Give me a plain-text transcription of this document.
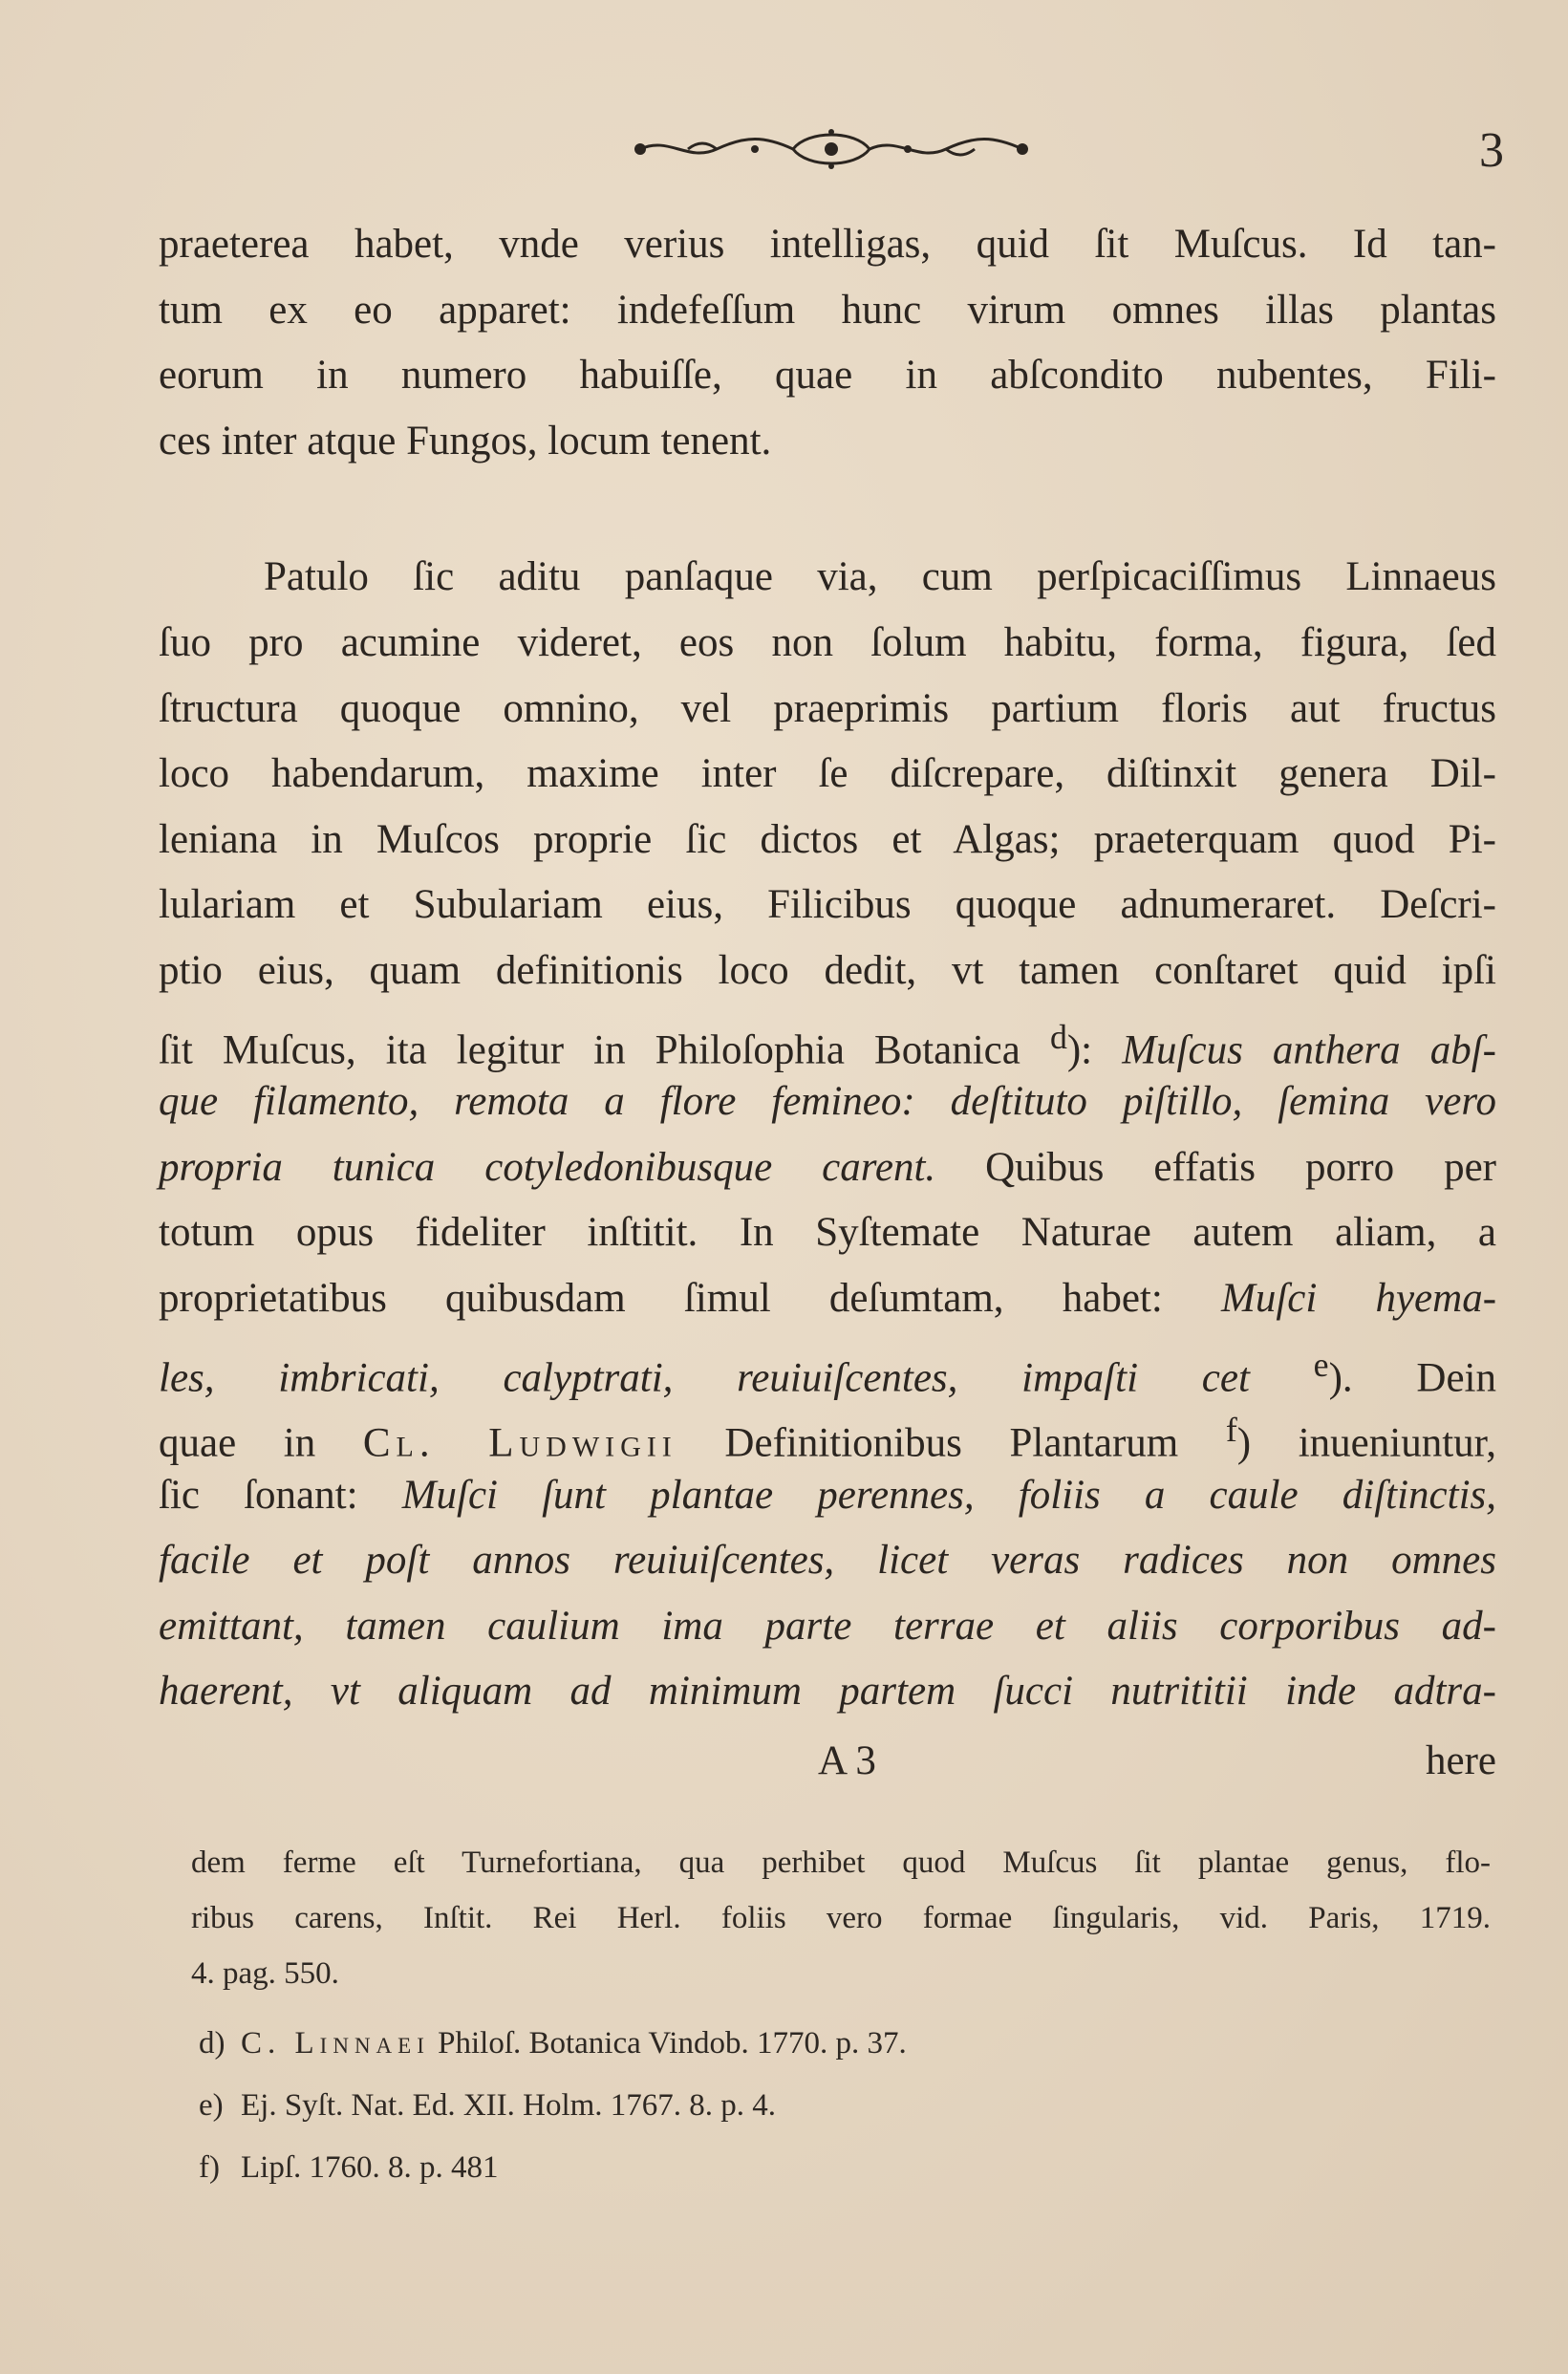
3
praeterea habet, vnde verius intelligas, quid ſit Muſcus. Id tan-
tum ex eo apparet: indefeſſum hunc virum omnes illas plantas
eorum in numero habuiſſe, quae in abſcondito nubentes, Fili-
ces inter atque Fungos, locum tenent.
Patulo ſic aditu panſaque via, cum perſpicaciſſimus Linnaeus
ſuo pro acumine videret, eos non ſolum habitu, forma, figura, ſed
ſtructura quoque omnino, vel praeprimis partium floris aut fructus
loco habendarum, maxime inter ſe diſcrepare, diſtinxit genera Dil-
leniana in Muſcos proprie ſic dictos et Algas; praeterquam quod Pi-
lulariam et Subulariam eius, Filicibus quoque adnumeraret. Deſcri-
ptio eius, quam definitionis loco dedit, vt tamen conſtaret quid ipſi
ſit Muſcus, ita legitur in Philoſophia Botanica $^d$): Muſcus anthera abſ-
que filamento, remota a flore femineo: deſtituto piſtillo, ſemina vero
propria tunica cotyledonibusque carent. Quibus effatis porro per
totum opus fideliter inſtitit. In Syſtemate Naturae autem aliam, a
proprietatibus quibusdam ſimul deſumtam, habet: Muſci hyema-
les, imbricati, calyptrati, reuiuiſcentes, impaſti cet $^e$). Dein
quae in Cl. Ludwigii Definitionibus Plantarum $^f$) inueniuntur,
ſic ſonant: Muſci ſunt plantae perennes, foliis a caule diſtinctis,
facile et poſt annos reuiuiſcentes, licet veras radices non omnes
emittant, tamen caulium ima parte terrae et aliis corporibus ad-
haerent, vt aliquam ad minimum partem ſucci nutrititii inde adtra-
A 3	here
dem ferme eſt Turnefortiana, qua perhibet quod Muſcus ſit plantae genus, flo-
ribus carens, Inſtit. Rei Herl. foliis vero formae ſingularis, vid. Paris, 1719.
4. pag. 550.
d) C. Linnaei Philoſ. Botanica Vindob. 1770. p. 37.
e) Ej. Syſt. Nat. Ed. XII. Holm. 1767. 8. p. 4.
f) Lipſ. 1760. 8. p. 481
